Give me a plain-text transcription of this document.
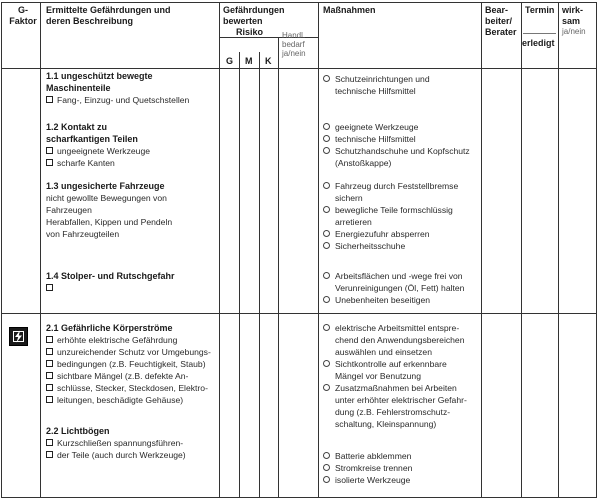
G-
Faktor
Ermittelte Gefährdungen und
deren Beschreibung
Gefährdungen
bewerten
Risiko Handl.
bedarf
ja/nein
G M K
Maßnahmen	Bear-
beiter/
Berater
Termin
erledigt
wirk-
sam
ja/nein
1.1 ungeschützt bewegte
Maschinenteile
Fang-, Einzug- und Quetschstellen
1.2 Kontakt zu
scharfkantigen Teilen
ungeeignete Werkzeuge
scharfe Kanten
1.3 ungesicherte Fahrzeuge
nicht gewollte Bewegungen von
Fahrzeugen
Herabfallen, Kippen und Pendeln
von Fahrzeugteilen
1.4 Stolper- und Rutschgefahr
2.1 Gefährliche Körperströme
erhöhte elektrische Gefährdung
unzureichender Schutz vor Umgebungs-
bedingungen (z.B. Feuchtigkeit, Staub)
sichtbare Mängel (z.B. defekte An-
schlüsse, Stecker, Steckdosen, Elektro-
leitungen, beschädigte Gehäuse)
2.2 Lichtbögen
Kurzschließen spannungsführen-
der Teile (auch durch Werkzeuge)
Schutzeinrichtungen und
technische Hilfsmittel
geeignete Werkzeuge
technische Hilfsmittel
Schutzhandschuhe und Kopfschutz
(Anstoßkappe)
Fahrzeug durch Feststellbremse
sichern
bewegliche Teile formschlüssig
arretieren
Energiezufuhr absperren
Sicherheitsschuhe
Arbeitsflächen und -wege frei von
Verunreinigungen (Öl, Fett) halten
Unebenheiten beseitigen
elektrische Arbeitsmittel entspre-
chend den Anwendungsbereichen
auswählen und einsetzen
Sichtkontrolle auf erkennbare
Mängel vor Benutzung
Zusatzmaßnahmen bei Arbeiten
unter erhöhter elektrischer Gefahr-
dung (z.B. Fehlerstromschutz-
schaltung, Kleinspannung)
Batterie abklemmen
Stromkreise trennen
isolierte Werkzeuge
